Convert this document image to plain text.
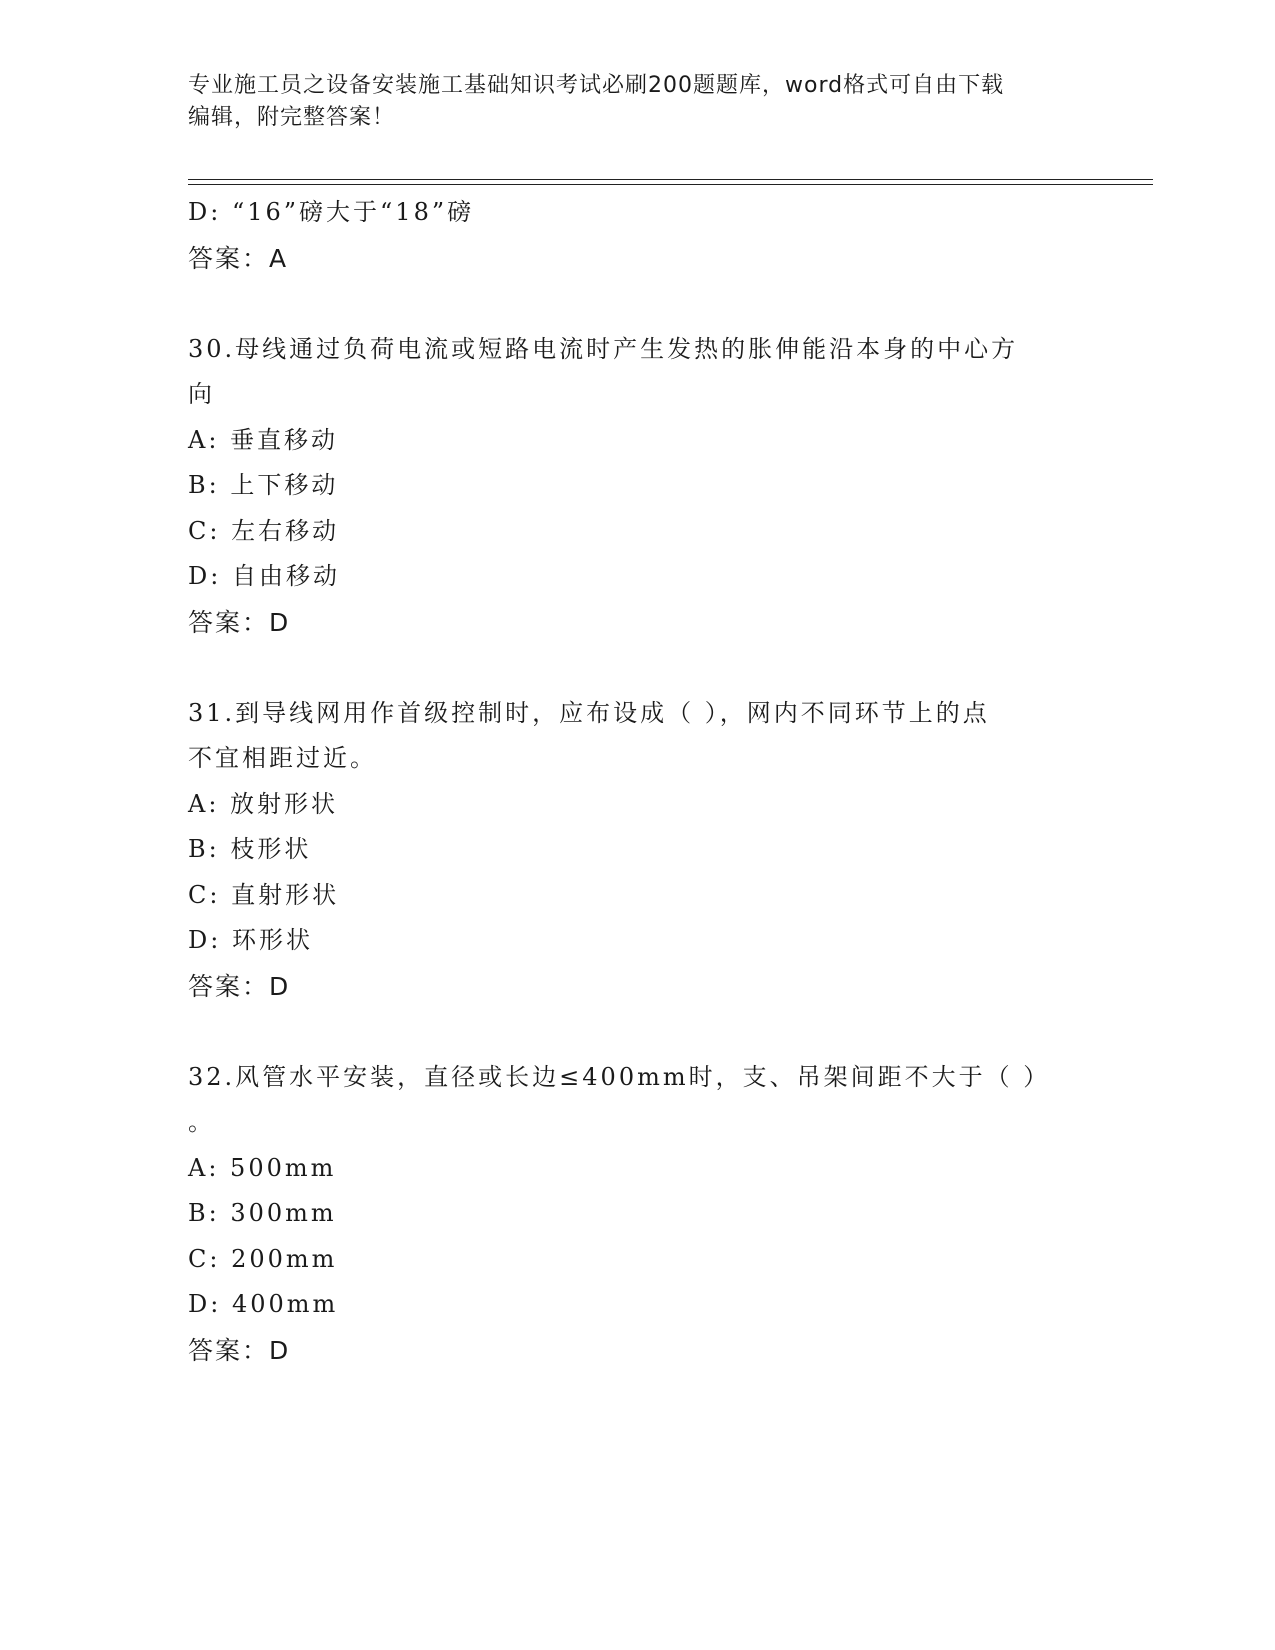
专业施工员之设备安装施工基础知识考试必刷200题题库，word格式可自由下载
编辑，附完整答案！
D: “16”磅大于“18”磅
答案：A
30.母线通过负荷电流或短路电流时产生发热的胀伸能沿本身的中心方
向
A: 垂直移动
B: 上下移动
C: 左右移动
D: 自由移动
答案：D
31.到导线网用作首级控制时，应布设成（ ），网内不同环节上的点
不宜相距过近。
A: 放射形状
B: 枝形状
C: 直射形状
D: 环形状
答案：D
32.风管水平安装，直径或长边≤400mm时，支、吊架间距不大于（ ）
。
A: 500mm
B: 300mm
C: 200mm
D: 400mm
答案：D
